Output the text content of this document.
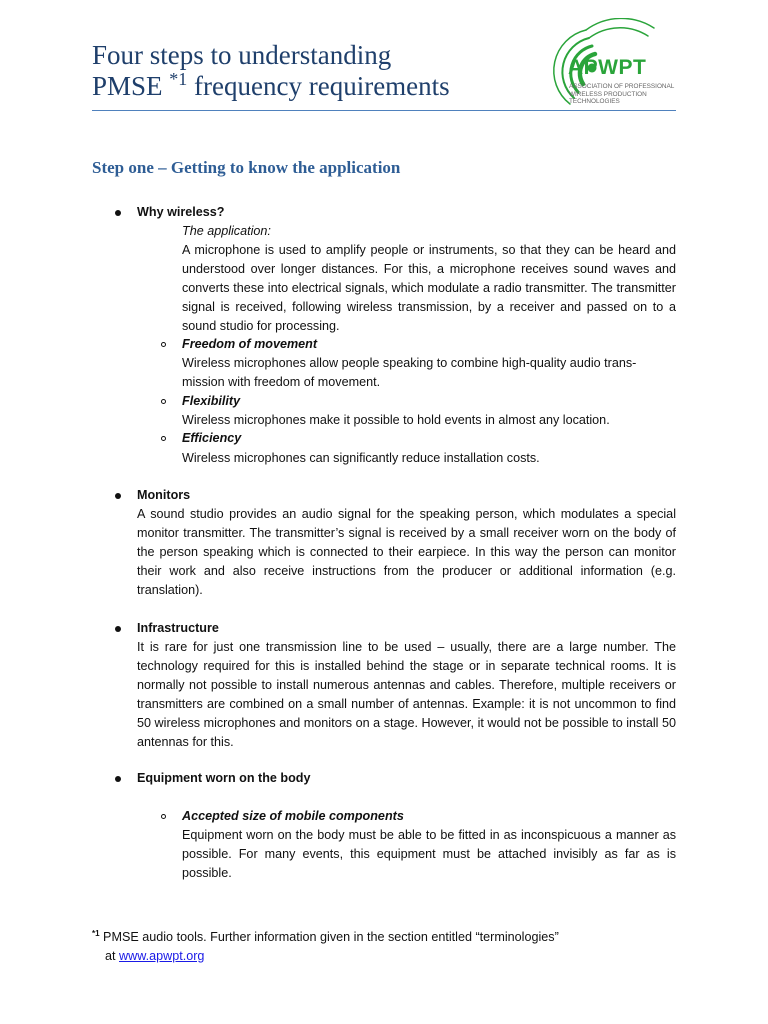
Four steps to understanding
PMSE $^{*1}$ frequency requirements
APWPT
ASSOCIATION OF PROFESSIONAL WIRELESS PRODUCTION TECHNOLOGIES
Step one – Getting to know the application
Why wireless?
The application:
A microphone is used to amplify people or instruments, so that they can be heard and understood over longer distances. For this, a microphone receives sound waves and converts these into electrical signals, which modulate a radio transmitter. The transmitter signal is received, following wireless transmission, by a receiver and passed on to a sound studio for processing.
Freedom of movement
Wireless microphones allow people speaking to combine high-quality audio trans-
mission with freedom of movement.
Flexibility
Wireless microphones make it possible to hold events in almost any location.
Efficiency
Wireless microphones can significantly reduce installation costs.
Monitors
A sound studio provides an audio signal for the speaking person, which modulates a special monitor transmitter. The transmitter’s signal is received by a small receiver worn on the body of the person speaking which is connected to their earpiece. In this way the person can monitor their work and also receive instructions from the producer or additional information (e.g. translation).
Infrastructure
It is rare for just one transmission line to be used – usually, there are a large number. The technology required for this is installed behind the stage or in separate technical rooms. It is normally not possible to install numerous antennas and cables. Therefore, multiple receivers or transmitters are combined on a small number of antennas. Example: it is not uncommon to find 50 wireless microphones and monitors on a stage. However, it would not be possible to install 50 antennas for this.
Equipment worn on the body
Accepted size of mobile components
Equipment worn on the body must be able to be fitted in as inconspicuous a manner as possible. For many events, this equipment must be attached invisibly as far as is possible.
$^{*1}$ PMSE audio tools. Further information given in the section entitled “terminologies”
at www.apwpt.org
